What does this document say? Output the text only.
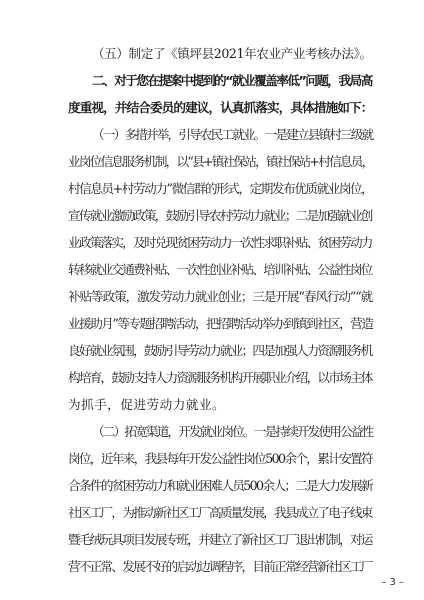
（五）制定了《镇坪县2021年农业产业考核办法》。
二、对于您在提案中提到的“就业覆盖率低”问题，我局高
度重视，并结合委员的建议，认真抓落实，具体措施如下：
（一）多措并举，引导农民工就业。一是建立县镇村三级就
业岗位信息服务机制，以“县+镇社保站，镇社保站+村信息员，
村信息员+村劳动力”微信群的形式，定期发布优质就业岗位，
宣传就业激励政策，鼓励引导农村劳动力就业；二是加强就业创
业政策落实，及时兑现贫困劳动力一次性求职补贴、贫困劳动力
转移就业交通费补贴、一次性创业补贴、培训补贴、公益性岗位
补贴等政策，激发劳动力就业创业；三是开展“春风行动”“就
业援助月”等专题招聘活动，把招聘活动举办到镇到社区，营造
良好就业氛围，鼓励引导劳动力就业；四是加强人力资源服务机
构培育，鼓励支持人力资源服务机构开展职业介绍，以市场主体
为抓手，促进劳动力就业。
（二）拓宽渠道，开发就业岗位。一是持续开发使用公益性
岗位，近年来，我县每年开发公益性岗位500余个，累计安置符
合条件的贫困劳动力和就业困难人员500余人；二是大力发展新
社区工厂，为推动新社区工厂高质量发展，我县成立了电子线束
暨毛绒玩具项目发展专班，并建立了新社区工厂退出机制，对运
营不正常、发展不好的启动边调程序，目前正常经营新社区工厂
– 3 –
